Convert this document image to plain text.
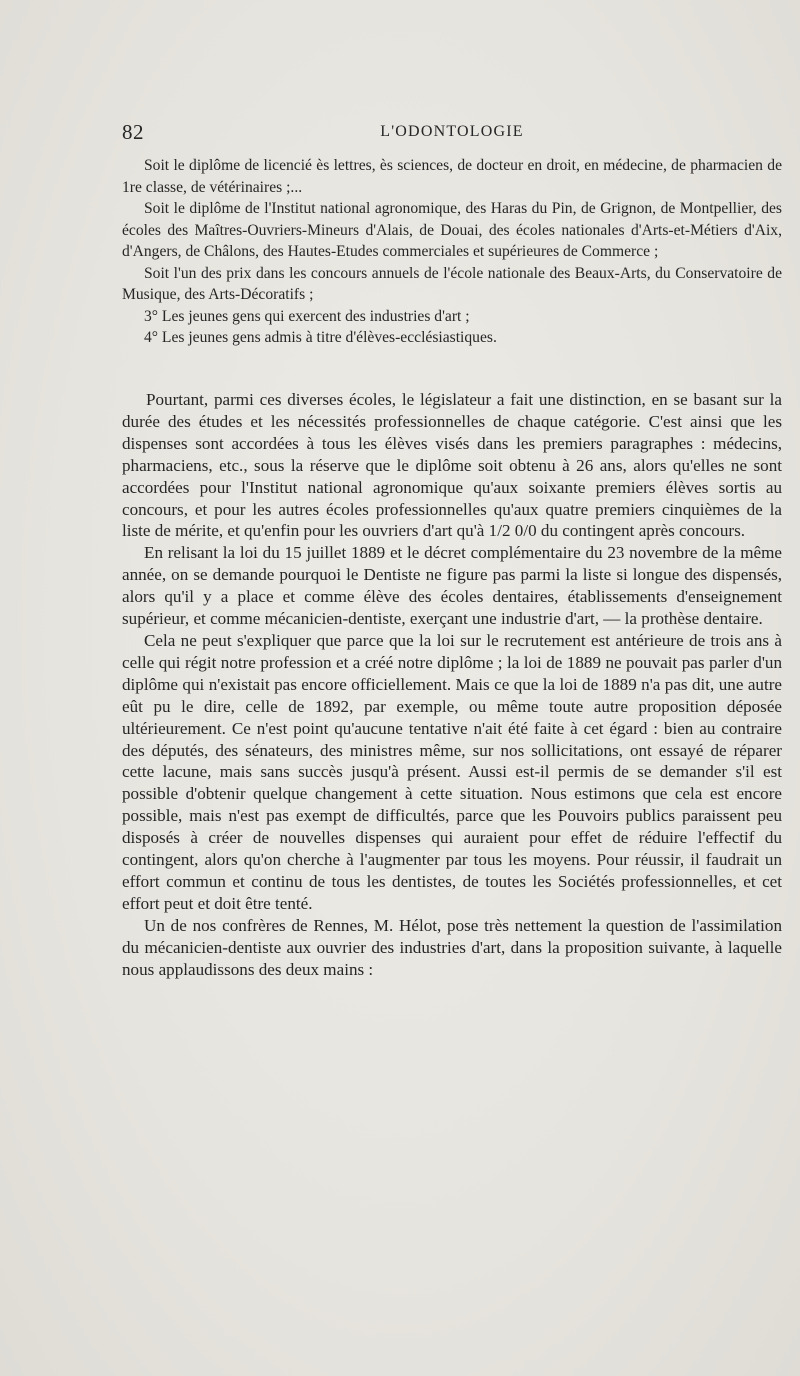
82	L'ODONTOLOGIE

Soit le diplôme de licencié ès lettres, ès sciences, de docteur en droit, en médecine, de pharmacien de 1re classe, de vétérinaires ;...

Soit le diplôme de l'Institut national agronomique, des Haras du Pin, de Grignon, de Montpellier, des écoles des Maîtres-Ouvriers-Mineurs d'Alais, de Douai, des écoles nationales d'Arts-et-Métiers d'Aix, d'Angers, de Châlons, des Hautes-Etudes commerciales et supérieures de Commerce ;

Soit l'un des prix dans les concours annuels de l'école nationale des Beaux-Arts, du Conservatoire de Musique, des Arts-Décoratifs ;

3° Les jeunes gens qui exercent des industries d'art ;

4° Les jeunes gens admis à titre d'élèves-ecclésiastiques.

Pourtant, parmi ces diverses écoles, le législateur a fait une distinction, en se basant sur la durée des études et les nécessités professionnelles de chaque catégorie. C'est ainsi que les dispenses sont accordées à tous les élèves visés dans les premiers paragraphes : médecins, pharmaciens, etc., sous la réserve que le diplôme soit obtenu à 26 ans, alors qu'elles ne sont accordées pour l'Institut national agronomique qu'aux soixante premiers élèves sortis au concours, et pour les autres écoles professionnelles qu'aux quatre premiers cinquièmes de la liste de mérite, et qu'enfin pour les ouvriers d'art qu'à 1/2 0/0 du contingent après concours.

En relisant la loi du 15 juillet 1889 et le décret complémentaire du 23 novembre de la même année, on se demande pourquoi le Dentiste ne figure pas parmi la liste si longue des dispensés, alors qu'il y a place et comme élève des écoles dentaires, établissements d'enseignement supérieur, et comme mécanicien-dentiste, exerçant une industrie d'art, — la prothèse dentaire.

Cela ne peut s'expliquer que parce que la loi sur le recrutement est antérieure de trois ans à celle qui régit notre profession et a créé notre diplôme ; la loi de 1889 ne pouvait pas parler d'un diplôme qui n'existait pas encore officiellement. Mais ce que la loi de 1889 n'a pas dit, une autre eût pu le dire, celle de 1892, par exemple, ou même toute autre proposition déposée ultérieurement. Ce n'est point qu'aucune tentative n'ait été faite à cet égard : bien au contraire des députés, des sénateurs, des ministres même, sur nos sollicitations, ont essayé de réparer cette lacune, mais sans succès jusqu'à présent. Aussi est-il permis de se demander s'il est possible d'obtenir quelque changement à cette situation. Nous estimons que cela est encore possible, mais n'est pas exempt de difficultés, parce que les Pouvoirs publics paraissent peu disposés à créer de nouvelles dispenses qui auraient pour effet de réduire l'effectif du contingent, alors qu'on cherche à l'augmenter par tous les moyens. Pour réussir, il faudrait un effort commun et continu de tous les dentistes, de toutes les Sociétés professionnelles, et cet effort peut et doit être tenté.

Un de nos confrères de Rennes, M. Hélot, pose très nettement la question de l'assimilation du mécanicien-dentiste aux ouvrier des industries d'art, dans la proposition suivante, à laquelle nous applaudissons des deux mains :
